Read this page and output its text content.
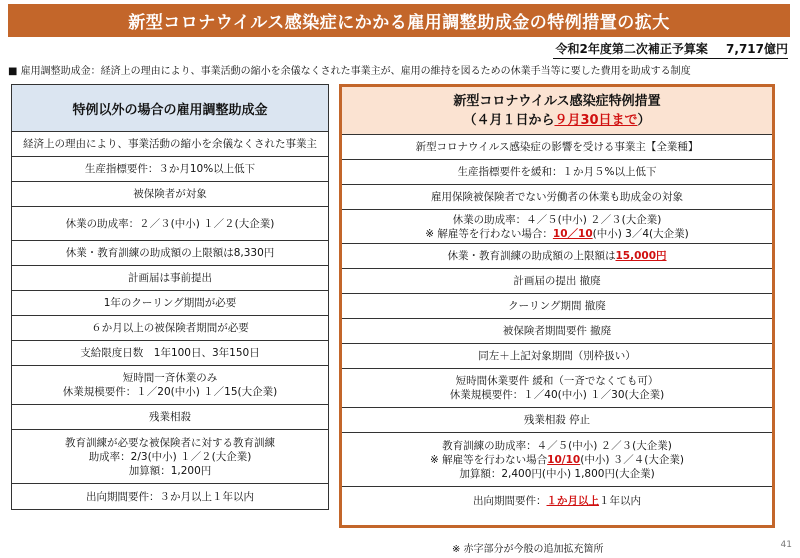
新型コロナウイルス感染症にかかる雇用調整助成金の特例措置の拡大
令和2年度第二次補正予算案　 7,717億円
■ 雇用調整助成金：経済上の理由により、事業活動の縮小を余儀なくされた事業主が、雇用の維持を図るための休業手当等に要した費用を助成する制度
特例以外の場合の雇用調整助成金
経済上の理由により、事業活動の縮小を余儀なくされた事業主
生産指標要件：３か月10%以上低下
被保険者が対象
休業の助成率：２／３(中小) １／２(大企業)
休業・教育訓練の助成額の上限額は8,330円
計画届は事前提出
1年のクーリング期間が必要
６か月以上の被保険者期間が必要
支給限度日数　1年100日、3年150日
短時間一斉休業のみ
休業規模要件：１／20(中小) １／15(大企業)
残業相殺
教育訓練が必要な被保険者に対する教育訓練
助成率：2/3(中小) １／２(大企業)
加算額：1,200円
出向期間要件：３か月以上１年以内
新型コロナウイルス感染症特例措置
（４月１日から９月30日まで）
新型コロナウイルス感染症の影響を受ける事業主【全業種】
生産指標要件を緩和：１か月５%以上低下
雇用保険被保険者でない労働者の休業も助成金の対象
休業の助成率：４／５(中小) ２／３(大企業)
※ 解雇等を行わない場合：10／10(中小) 3／4(大企業)
休業・教育訓練の助成額の上限額は15,000円
計画届の提出 撤廃
クーリング期間 撤廃
被保険者期間要件 撤廃
同左＋上記対象期間（別枠扱い）
短時間休業要件 緩和（一斉でなくても可）
休業規模要件：１／40(中小) １／30(大企業)
残業相殺 停止
教育訓練の助成率：４／５(中小) ２／３(大企業)
※ 解雇等を行わない場合10/10(中小) ３／４(大企業)
加算額：2,400円(中小) 1,800円(大企業)
出向期間要件：１か月以上１年以内
※ 赤字部分が今般の追加拡充箇所	41
